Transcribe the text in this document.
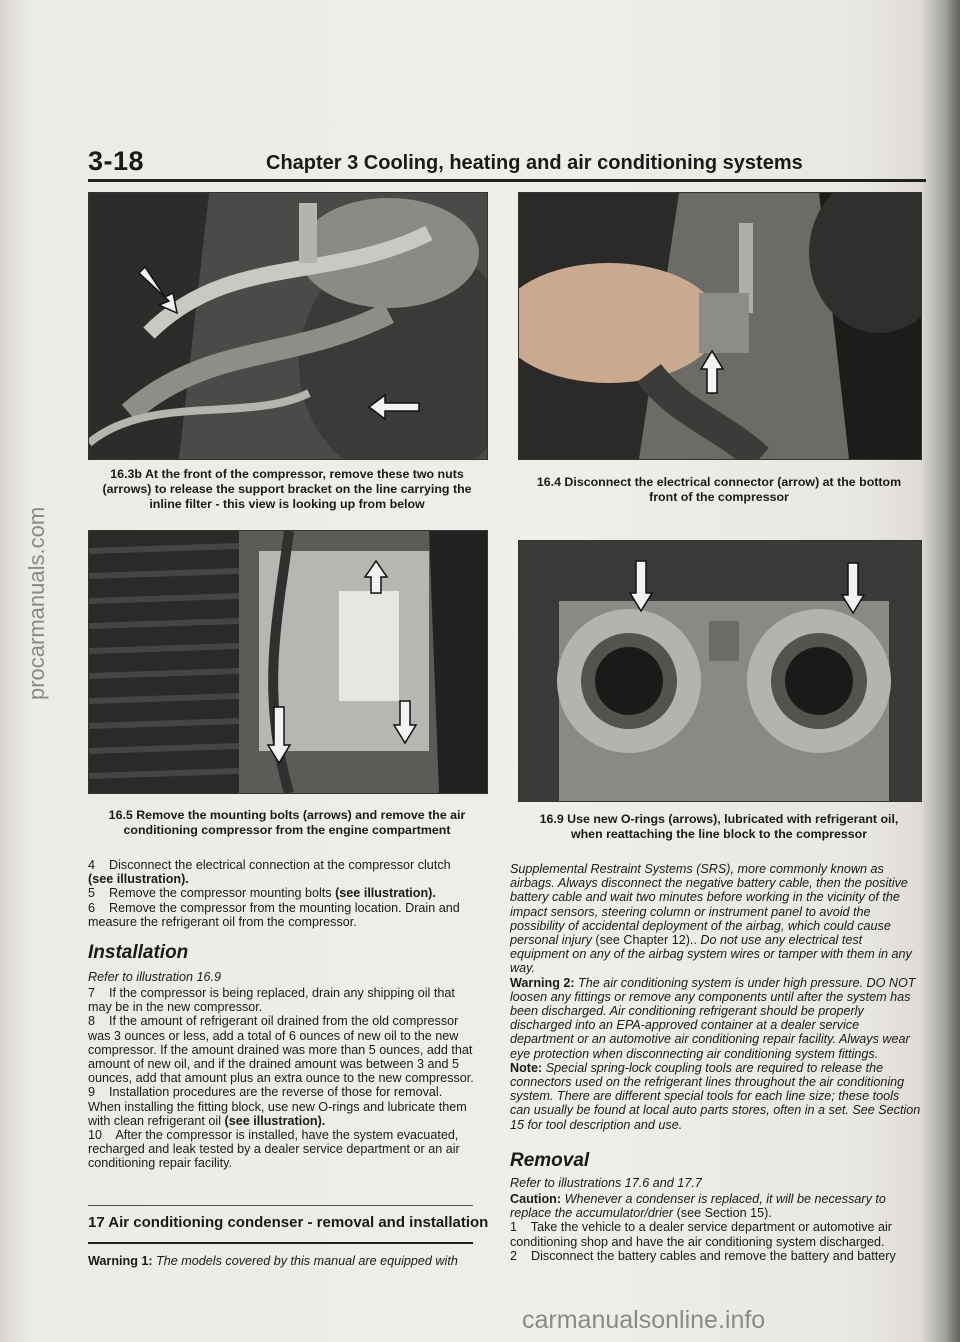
3-18	Chapter 3 Cooling, heating and air conditioning systems
16.3b At the front of the compressor, remove these two nuts (arrows) to release the support bracket on the line carrying the inline filter - this view is looking up from below
16.4 Disconnect the electrical connector (arrow) at the bottom front of the compressor
16.5 Remove the mounting bolts (arrows) and remove the air conditioning compressor from the engine compartment
16.9 Use new O-rings (arrows), lubricated with refrigerant oil, when reattaching the line block to the compressor

4 Disconnect the electrical connection at the compressor clutch (see illustration).

5 Remove the compressor mounting bolts (see illustration).

6 Remove the compressor from the mounting location. Drain and measure the refrigerant oil from the compressor.

Installation
Refer to illustration 16.9

7 If the compressor is being replaced, drain any shipping oil that may be in the new compressor.

8 If the amount of refrigerant oil drained from the old compressor was 3 ounces or less, add a total of 6 ounces of new oil to the new compressor. If the amount drained was more than 5 ounces, add that amount of new oil, and if the drained amount was between 3 and 5 ounces, add that amount plus an extra ounce to the new compressor.

9 Installation procedures are the reverse of those for removal. When installing the fitting block, use new O-rings and lubricate them with clean refrigerant oil (see illustration).

10 After the compressor is installed, have the system evacuated, recharged and leak tested by a dealer service department or an air conditioning repair facility.

17 Air conditioning condenser - removal and installation
Warning 1: The models covered by this manual are equipped with

Supplemental Restraint Systems (SRS), more commonly known as airbags. Always disconnect the negative battery cable, then the positive battery cable and wait two minutes before working in the vicinity of the impact sensors, steering column or instrument panel to avoid the possibility of accidental deployment of the airbag, which could cause personal injury (see Chapter 12).. Do not use any electrical test equipment on any of the airbag system wires or tamper with them in any way.

Warning 2: The air conditioning system is under high pressure. DO NOT loosen any fittings or remove any components until after the system has been discharged. Air conditioning refrigerant should be properly discharged into an EPA-approved container at a dealer service department or an automotive air conditioning repair facility. Always wear eye protection when disconnecting air conditioning system fittings.

Note: Special spring-lock coupling tools are required to release the connectors used on the refrigerant lines throughout the air conditioning system. There are different special tools for each line size; these tools can usually be found at local auto parts stores, often in a set. See Section 15 for tool description and use.

Removal
Refer to illustrations 17.6 and 17.7

Caution: Whenever a condenser is replaced, it will be necessary to replace the accumulator/drier (see Section 15).

1 Take the vehicle to a dealer service department or automotive air conditioning shop and have the air conditioning system discharged.

2 Disconnect the battery cables and remove the battery and battery

procarmanuals.com
carmanualsonline.info
